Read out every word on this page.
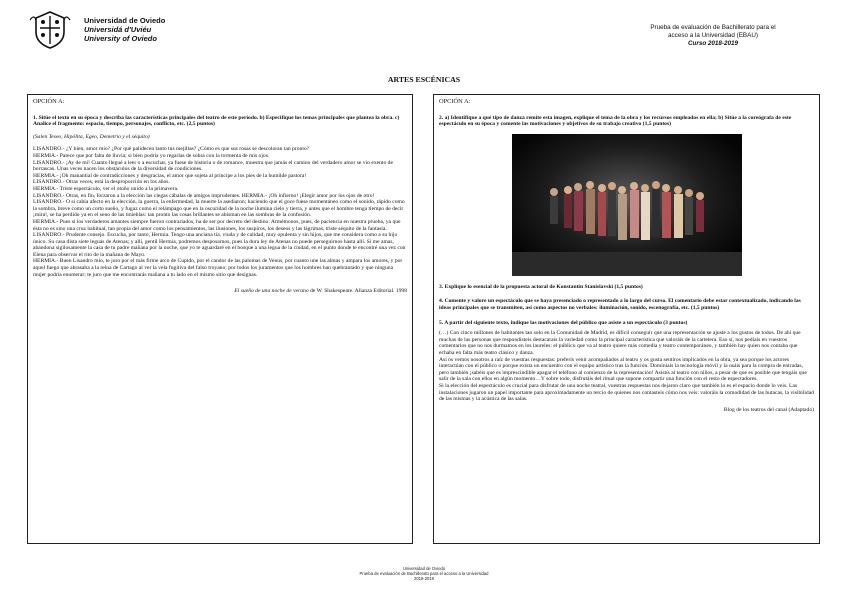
Universidad de Oviedo
Universidá d'Uviéu
University of Oviedo
Prueba de evaluación de Bachillerato para el
acceso a la Universidad (EBAU)
Curso 2018-2019
ARTES ESCÉNICAS
OPCIÓN A:
1. Sitúe el texto en su época y describa las características principales del teatro de este período. b) Especifique los temas principales que plantea la obra. c) Analice el fragmento: espacio, tiempo, personajes, conflicto, etc. (2,5 puntos)
(Salen Teseo, Hipólita, Egeo, Demetrio y el séquito)

LISANDRO.- ¿Y bien, amor mío? ¿Por qué palidecen tanto tus mejillas? ¿Cómo es que sus rosas se descoloran tan pronto?

HERMIA.- Parece que por falta de lluvia; si bien podría yo regarlas de sobra con la tormenta de mis ojos.

LISANDRO.- ¡Ay de mí! Cuanto llegué a leer o a escuchar, ya fuese de historia o de romance, muestra que jamás el camino del verdadero amor se vio exento de borrascas. Unas veces nacen los obstáculos de la diversidad de condiciones.

HERMIA.- ¡Oh manantial de contradicciones y desgracias, el amor que sujeta al príncipe a los pies de la humilde pastora!

LISANDRO.- Otras veces, está la desproporción en los años.

HERMIA.- Triste espectáculo, ver el otoño unido a la primavera.

LISANDRO.- Otras, en fin, forzaron a la elección las ciegas cábalas de amigos imprudentes. HERMIA.- ¡Oh infierno! ¡Elegir amor por los ojos de otro!

LISANDRO.- O si cabía afecto en la elección, la guerra, la enfermedad, la muerte la asediaron; haciendo que el goce fuese momentáneo como el sonido, rápido como la sombra, breve como un corto sueño, y fugaz como el relámpago que en la oscuridad de la noche ilumina cielo y tierra, y antes que el hombre tenga tiempo de decir ¡mira!, se ha perdido ya en el seno de las tinieblas: tan pronto las cosas brillantes se abisman en las sombras de la confusión.

HERMIA.- Pues si los verdaderos amantes siempre fueron contrariados, ha de ser por decreto del destino. Armémonos, pues, de paciencia en nuestra prueba, ya que ésta no es sino una cruz habitual, tan propia del amor como los pensamientos, las ilusiones, los suspiros, los deseos y las lágrimas, triste séquito de la fantasía.

LISANDRO.- Prudente consejo. Escucha, por tanto, Hermia. Tengo una anciana tía, viuda y de calidad, muy opulenta y sin hijos, que me considera como a su hijo único. Su casa dista siete leguas de Atenas; y allí, gentil Hermia, podremos desposarnos, pues la dura ley de Atenas no puede perseguirnos hasta allí. Si me amas, abandona sigilosamente la casa de tu padre mañana por la noche, que yo te aguardaré en el bosque a una legua de la ciudad, en el punto donde te encontré una vez con Elena para observar el rito de la mañana de Mayo.

HERMIA.- Buen Lisandro mío, te juro por el más firme arco de Cupido, por el candor de las palomas de Venus, por cuanto une las almas y ampara los amores, y por aquel fuego que abrasaba a la reina de Cartago al ver la vela fugitiva del falso troyano; por todos los juramentos que los hombres han quebrantado y que ninguna mujer podría enumerar; te juro que me encontrarás mañana a tu lado en el mismo sitio que designas.

El sueño de una noche de verano de W. Shakespeare. Alianza Editorial. 1998
OPCIÓN A:
2. a) Identifique a qué tipo de danza remite esta imagen, explique el tema de la obra y los recursos empleados en ella; b) Sitúe a la coreógrafa de este espectáculo en su época y comente las motivaciones y objetivos de su trabajo creativo (1,5 puntos)
3. Explique lo esencial de la propuesta actoral de Konstantin Stanislavski (1,5 puntos)
4. Comente y valore un espectáculo que se haya presenciado o representado a lo largo del curso. El comentario debe estar contextualizado, indicando las ideas principales que se transmiten, así como aspectos no verbales: iluminación, sonido, escenografía, etc. (1,5 puntos)
5. A partir del siguiente texto, indique las motivaciones del público que asiste a un espectáculo (3 puntos)

(…) Con cinco millones de habitantes tan solo en la Comunidad de Madrid, es difícil conseguir que una representación se ajuste a los gustos de todos. De ahí que muchas de las personas que respondisteis destacarais la variedad como la principal característica que valoráis de la cartelera. Eso sí, nos pedíais en vuestros comentarios que no nos durmamos en los laureles: el público que va al teatro quiere más comedia y teatro contemporáneo, y también hay quien nos contaba que echaba en falta más teatro clásico y danza.

Así os vemos nosotros a raíz de vuestras respuestas: preferís venir acompañados al teatro y os gusta sentiros implicados en la obra, ya sea porque los actores interactúan con el público o porque exista un encuentro con el equipo artístico tras la función. Dominiais la tecnología móvil y la usáis para la compra de entradas, pero también ¡sabéis que es imprescindible apagar el teléfono al comienzo de la representación! Asistís al teatro con niños, a pesar de que es posible que tengáis que salir de la sala con ellos en algún momento…Y sobre todo, disfrutáis del ritual que supone compartir una función con el resto de espectadores.

Si la elección del espectáculo es crucial para disfrutar de una noche teatral, vuestras respuestas nos dejaron claro que también lo es el espacio donde lo veis. Las instalaciones jugaron un papel importante para aproximadamente un tercio de quienes nos contasteis cómo nos veis: valoráis la comodidad de las butacas, la visibilidad de las mismas y la acústica de las salas.

Blog de los teatros del canal (Adaptado)
Universidad de Oviedo
Prueba de evaluación de Bachillerato para el acceso a la Universidad
2018-2019
